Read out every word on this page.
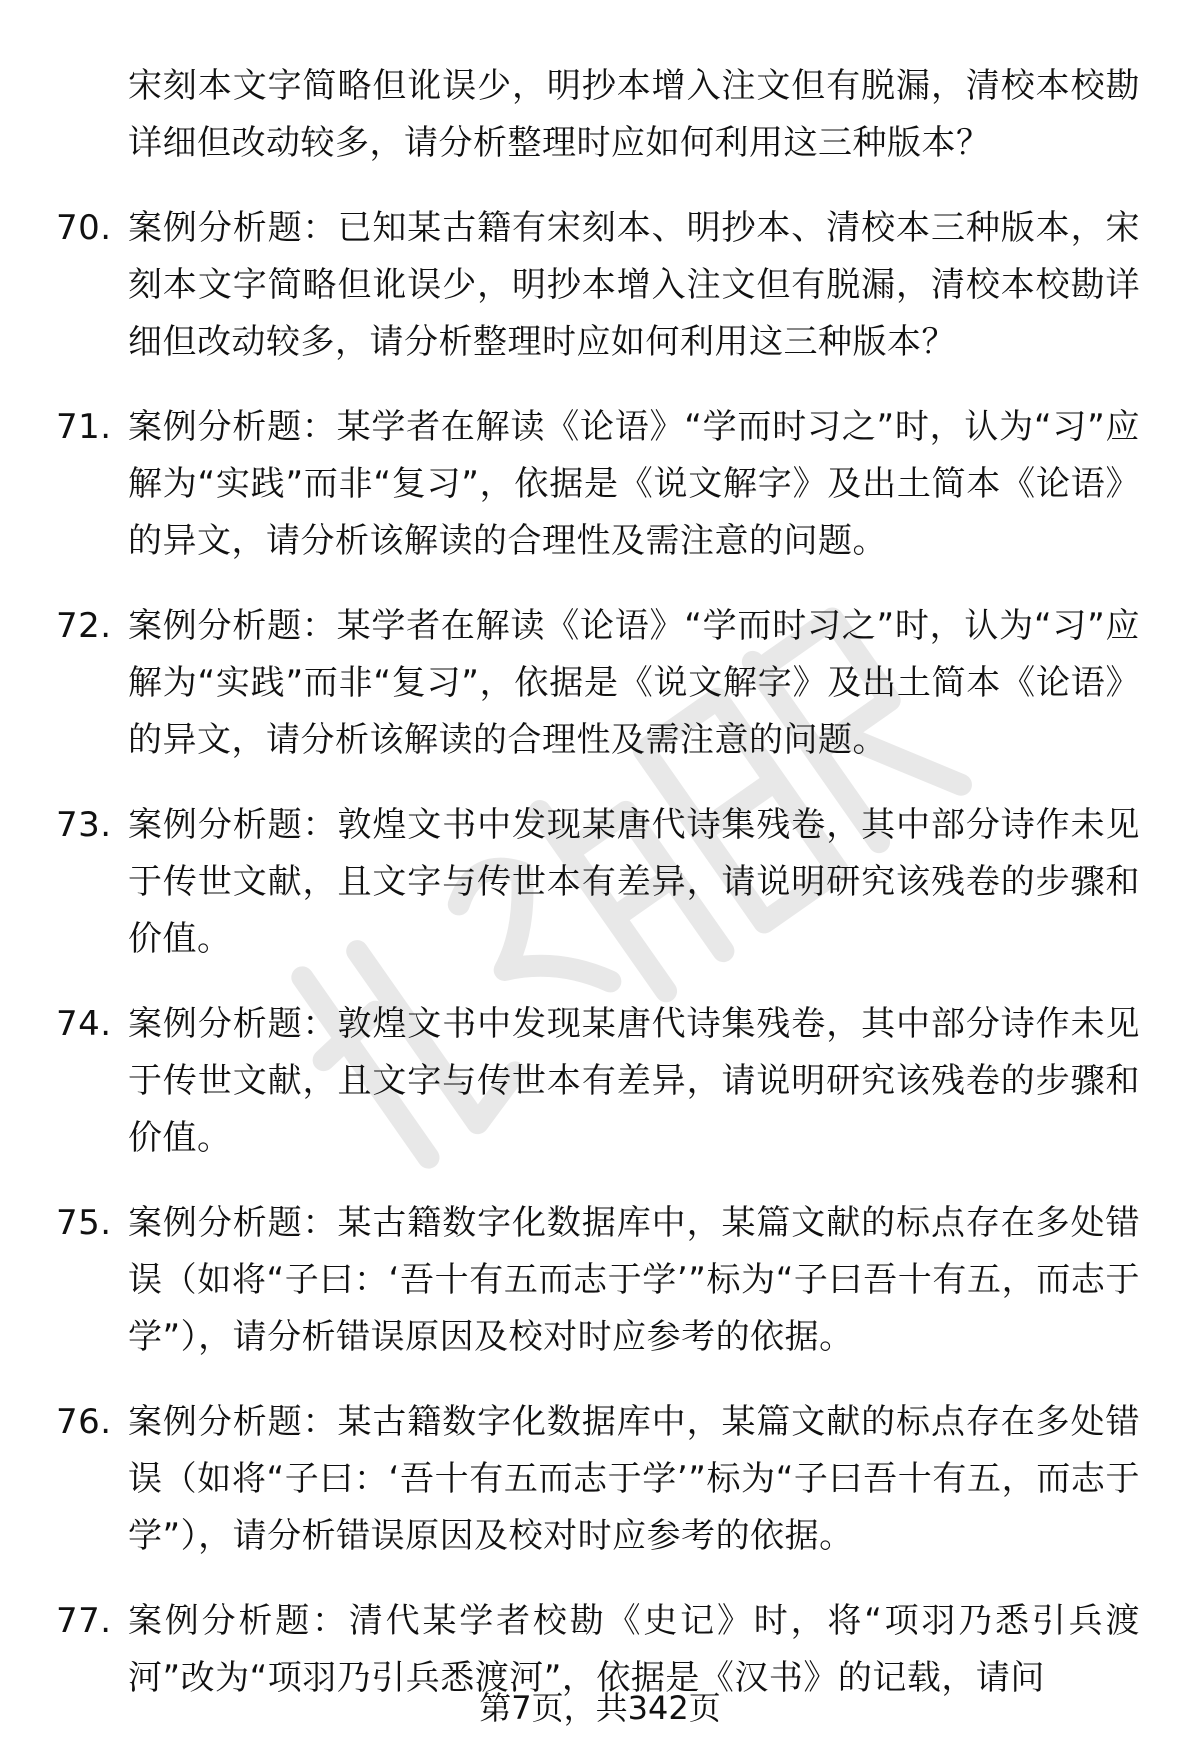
宋刻本文字简略但讹误少，明抄本增入注文但有脱漏，清校本校勘详细但改动较多，请分析整理时应如何利用这三种版本？
70. 案例分析题：已知某古籍有宋刻本、明抄本、清校本三种版本，宋刻本文字简略但讹误少，明抄本增入注文但有脱漏，清校本校勘详细但改动较多，请分析整理时应如何利用这三种版本？
71. 案例分析题：某学者在解读《论语》“学而时习之”时，认为“习”应解为“实践”而非“复习”，依据是《说文解字》及出土简本《论语》的异文，请分析该解读的合理性及需注意的问题。
72. 案例分析题：某学者在解读《论语》“学而时习之”时，认为“习”应解为“实践”而非“复习”，依据是《说文解字》及出土简本《论语》的异文，请分析该解读的合理性及需注意的问题。
73. 案例分析题：敦煌文书中发现某唐代诗集残卷，其中部分诗作未见于传世文献，且文字与传世本有差异，请说明研究该残卷的步骤和价值。
74. 案例分析题：敦煌文书中发现某唐代诗集残卷，其中部分诗作未见于传世文献，且文字与传世本有差异，请说明研究该残卷的步骤和价值。
75. 案例分析题：某古籍数字化数据库中，某篇文献的标点存在多处错误（如将“子曰：‘吾十有五而志于学’”标为“子曰吾十有五，而志于学”），请分析错误原因及校对时应参考的依据。
76. 案例分析题：某古籍数字化数据库中，某篇文献的标点存在多处错误（如将“子曰：‘吾十有五而志于学’”标为“子曰吾十有五，而志于学”），请分析错误原因及校对时应参考的依据。
77. 案例分析题：清代某学者校勘《史记》时，将“项羽乃悉引兵渡河”改为“项羽乃引兵悉渡河”，依据是《汉书》的记载，请问
第7页，共342页
